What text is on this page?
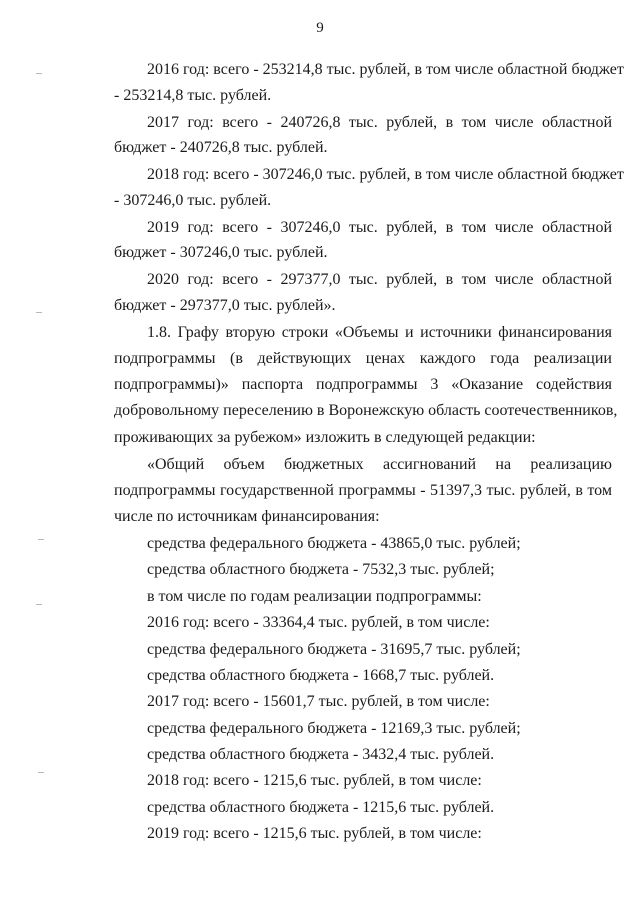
9
2016 год: всего - 253214,8 тыс. рублей, в том числе областной бюджет
- 253214,8 тыс. рублей.
2017 год: всего - 240726,8 тыс. рублей, в том числе областной
бюджет - 240726,8 тыс. рублей.
2018 год: всего - 307246,0 тыс. рублей, в том числе областной бюджет
- 307246,0 тыс. рублей.
2019 год: всего - 307246,0 тыс. рублей, в том числе областной
бюджет - 307246,0 тыс. рублей.
2020 год: всего - 297377,0 тыс. рублей, в том числе областной
бюджет - 297377,0 тыс. рублей».
1.8. Графу вторую строки «Объемы и источники финансирования
подпрограммы (в действующих ценах каждого года реализации
подпрограммы)» паспорта подпрограммы 3 «Оказание содействия
добровольному переселению в Воронежскую область соотечественников,
проживающих за рубежом» изложить в следующей редакции:
«Общий объем бюджетных ассигнований на реализацию
подпрограммы государственной программы - 51397,3 тыс. рублей, в том
числе по источникам финансирования:
средства федерального бюджета - 43865,0 тыс. рублей;
средства областного бюджета - 7532,3 тыс. рублей;
в том числе по годам реализации подпрограммы:
2016 год: всего - 33364,4 тыс. рублей, в том числе:
средства федерального бюджета - 31695,7 тыс. рублей;
средства областного бюджета - 1668,7 тыс. рублей.
2017 год: всего - 15601,7 тыс. рублей, в том числе:
средства федерального бюджета - 12169,3 тыс. рублей;
средства областного бюджета - 3432,4 тыс. рублей.
2018 год: всего - 1215,6 тыс. рублей, в том числе:
средства областного бюджета - 1215,6 тыс. рублей.
2019 год: всего - 1215,6 тыс. рублей, в том числе:
